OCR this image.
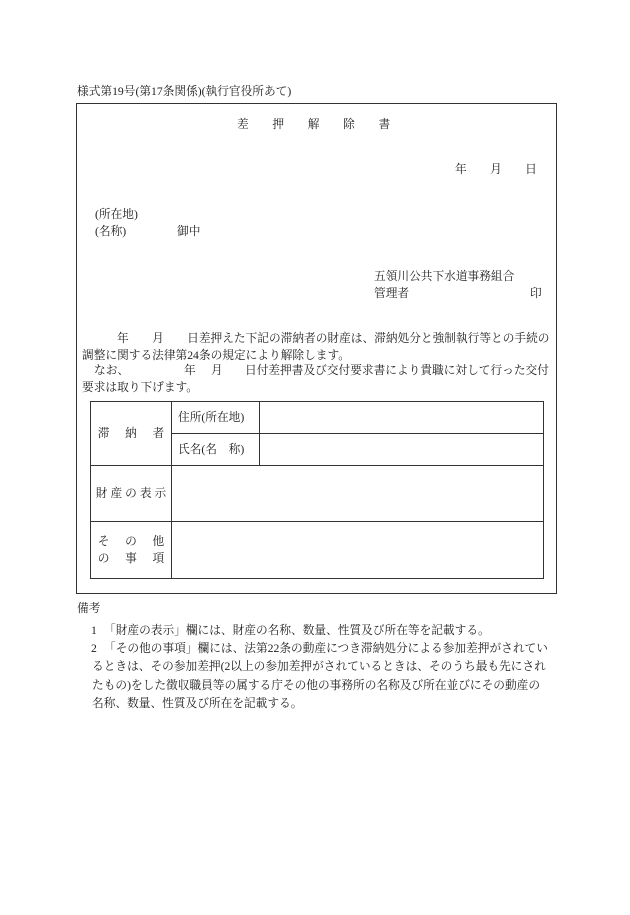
様式第19号(第17条関係)(執行官役所あて)
差　押　解　除　書
年　　月　　日
(所在地)
(名称)	御中
五領川公共下水道事務組合
管理者	印
年　　月　　日差押えた下記の滞納者の財産は、滞納処分と強制執行等との手続の
調整に関する法律第24条の規定により解除します。
なお、	年 月 日付差押書及び交付要求書により貴職に対して行った交付
要求は取り下げます。
滞　納　者	住所(所在地)	
	氏名(名　称)	
財産の表示		

そ　の　他
の　事　項		

備考
1 「財産の表示」欄には、財産の名称、数量、性質及び所在等を記載する。
2 「その他の事項」欄には、法第22条の動産につき滞納処分による参加差押がされてい
るときは、その参加差押(2以上の参加差押がされているときは、そのうち最も先にされ
たもの)をした徴収職員等の属する庁その他の事務所の名称及び所在並びにその動産の
名称、数量、性質及び所在を記載する。
